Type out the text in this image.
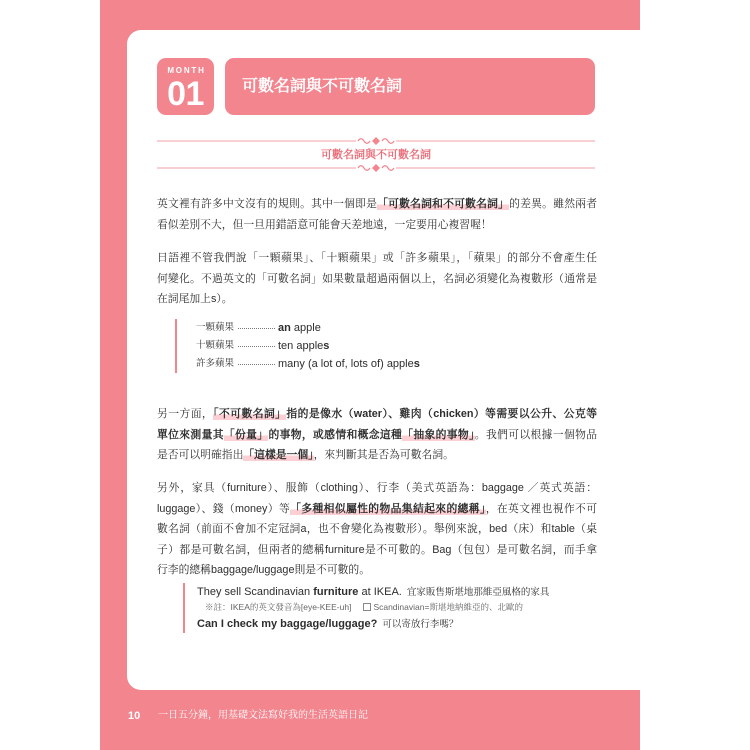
MONTH
01	可數名詞與不可數名詞
可數名詞與不可數名詞
英文裡有許多中文沒有的規則。其中一個即是「可數名詞和不可數名詞」的差異。雖然兩者
看似差別不大，但一旦用錯語意可能會天差地遠，一定要用心複習喔！
日語裡不管我們說「一顆蘋果」、「十顆蘋果」或「許多蘋果」，「蘋果」的部分不會產生任
何變化。不過英文的「可數名詞」如果數量超過兩個以上，名詞必須變化為複數形（通常是
在詞尾加上s）。
一顆蘋果	$^{an apple}$
十顆蘋果	$^{ten apples}$
許多蘋果	$^{many (a lot of, lots of) apples}$
另一方面，「不可數名詞」指的是像水（water）、雞肉（chicken）等需要以公升、公克等
單位來測量其「份量」的事物，或感情和概念這種「抽象的事物」。我們可以根據一個物品
是否可以明確指出「這樣是一個」，來判斷其是否為可數名詞。
另外，家具（furniture）、服飾（clothing）、行李（美式英語為：baggage ／英式英語：
luggage）、錢（money）等「多種相似屬性的物品集結起來的總稱」，在英文裡也視作不可
數名詞（前面不會加不定冠詞a，也不會變化為複數形）。舉例來說，bed（床）和table（桌
子）都是可數名詞，但兩者的總稱furniture是不可數的。Bag（包包）是可數名詞，而手拿
行李的總稱baggage/luggage則是不可數的。
They sell Scandinavian furniture at IKEA. 宜家販售斯堪地那維亞風格的家具
※註：IKEA的英文發音為[eye-KEE-uh]	Scandinavian=斯堪地納維亞的、北歐的
Can I check my baggage/luggage? 可以寄放行李嗎？
10 一日五分鐘，用基礎文法寫好我的生活英語日記
